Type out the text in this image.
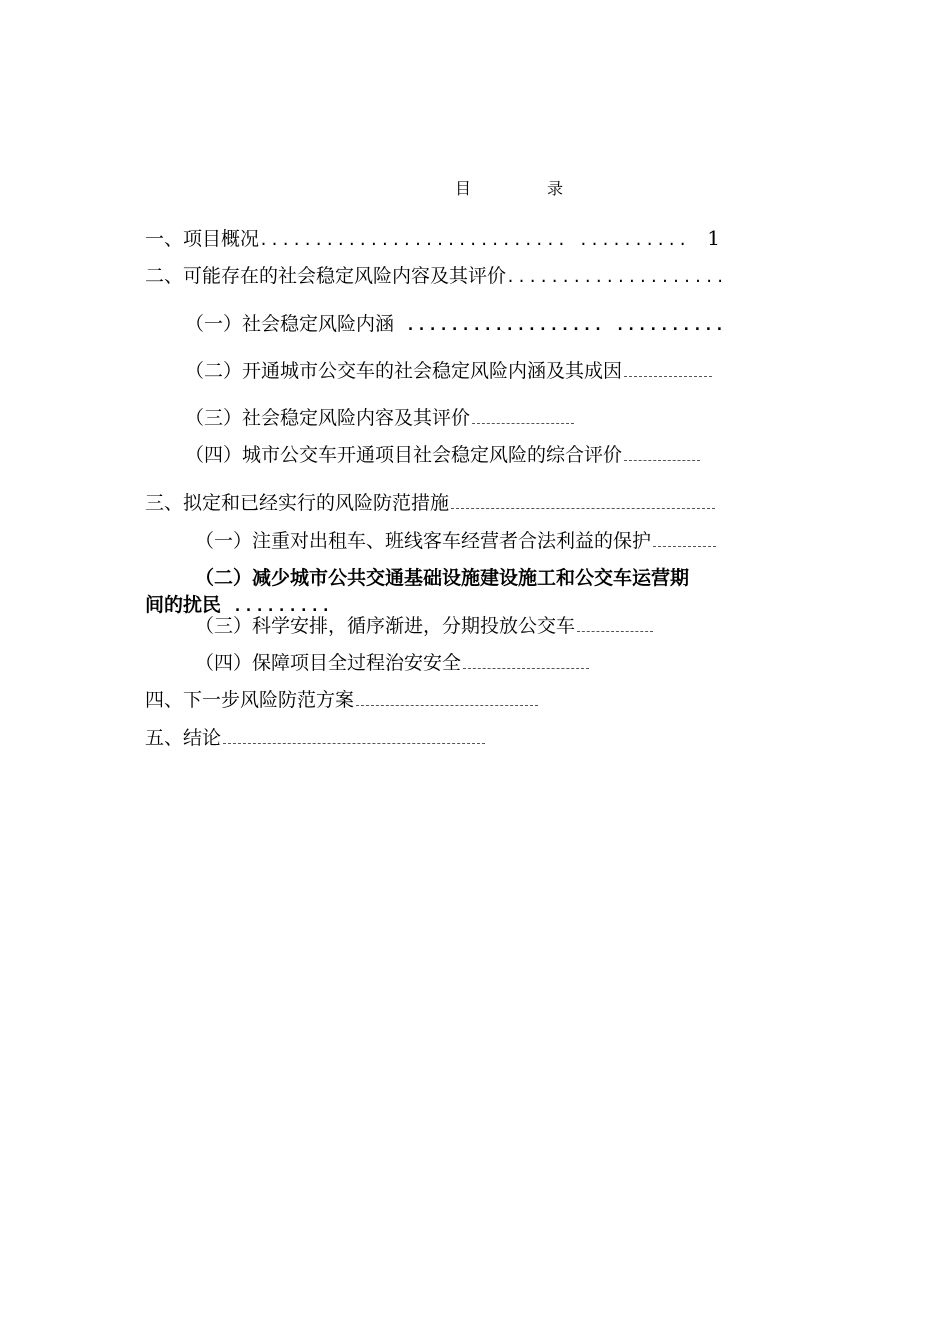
目　录
一、项目概况............................ .......... 1
二、可能存在的社会稳定风险内容及其评价....................
（一）社会稳定风险内涵 .................. ..........
（二）开通城市公交车的社会稳定风险内涵及其成因
（三）社会稳定风险内容及其评价
（四）城市公交车开通项目社会稳定风险的综合评价
三、拟定和已经实行的风险防范措施
（一）注重对出租车、班线客车经营者合法利益的保护
（二）减少城市公共交通基础设施建设施工和公交车运营期
间的扰民 .........
（三）科学安排，循序渐进，分期投放公交车
（四）保障项目全过程治安安全
四、下一步风险防范方案
五、结论
